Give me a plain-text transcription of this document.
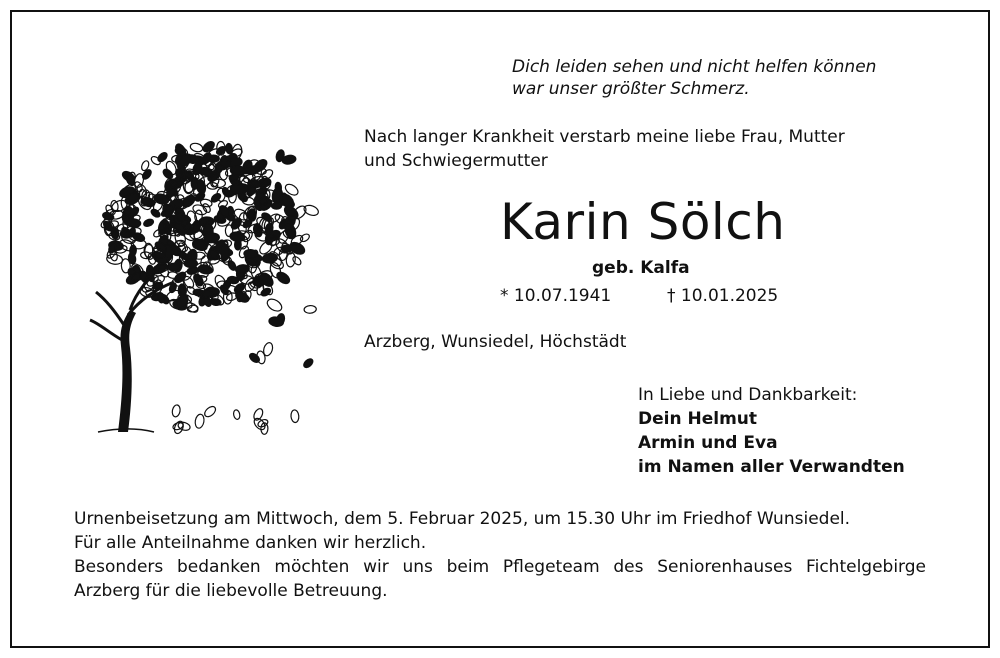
Dich leiden sehen und nicht helfen können

war unser größter Schmerz.

Nach langer Krankheit verstarb meine liebe Frau, Mutter

und Schwiegermutter

Karin Sölch
geb. Kalfa
* 10.07.1941	† 10.01.2025
Arzberg, Wunsiedel, Höchstädt

In Liebe und Dankbarkeit:

Dein Helmut

Armin und Eva

im Namen aller Verwandten

Urnenbeisetzung am Mittwoch, dem 5. Februar 2025, um 15.30 Uhr im Friedhof Wunsiedel.

Für alle Anteilnahme danken wir herzlich.

Besonders bedanken möchten wir uns beim Pflegeteam des Seniorenhauses Fichtelgebirge

Arzberg für die liebevolle Betreuung.
